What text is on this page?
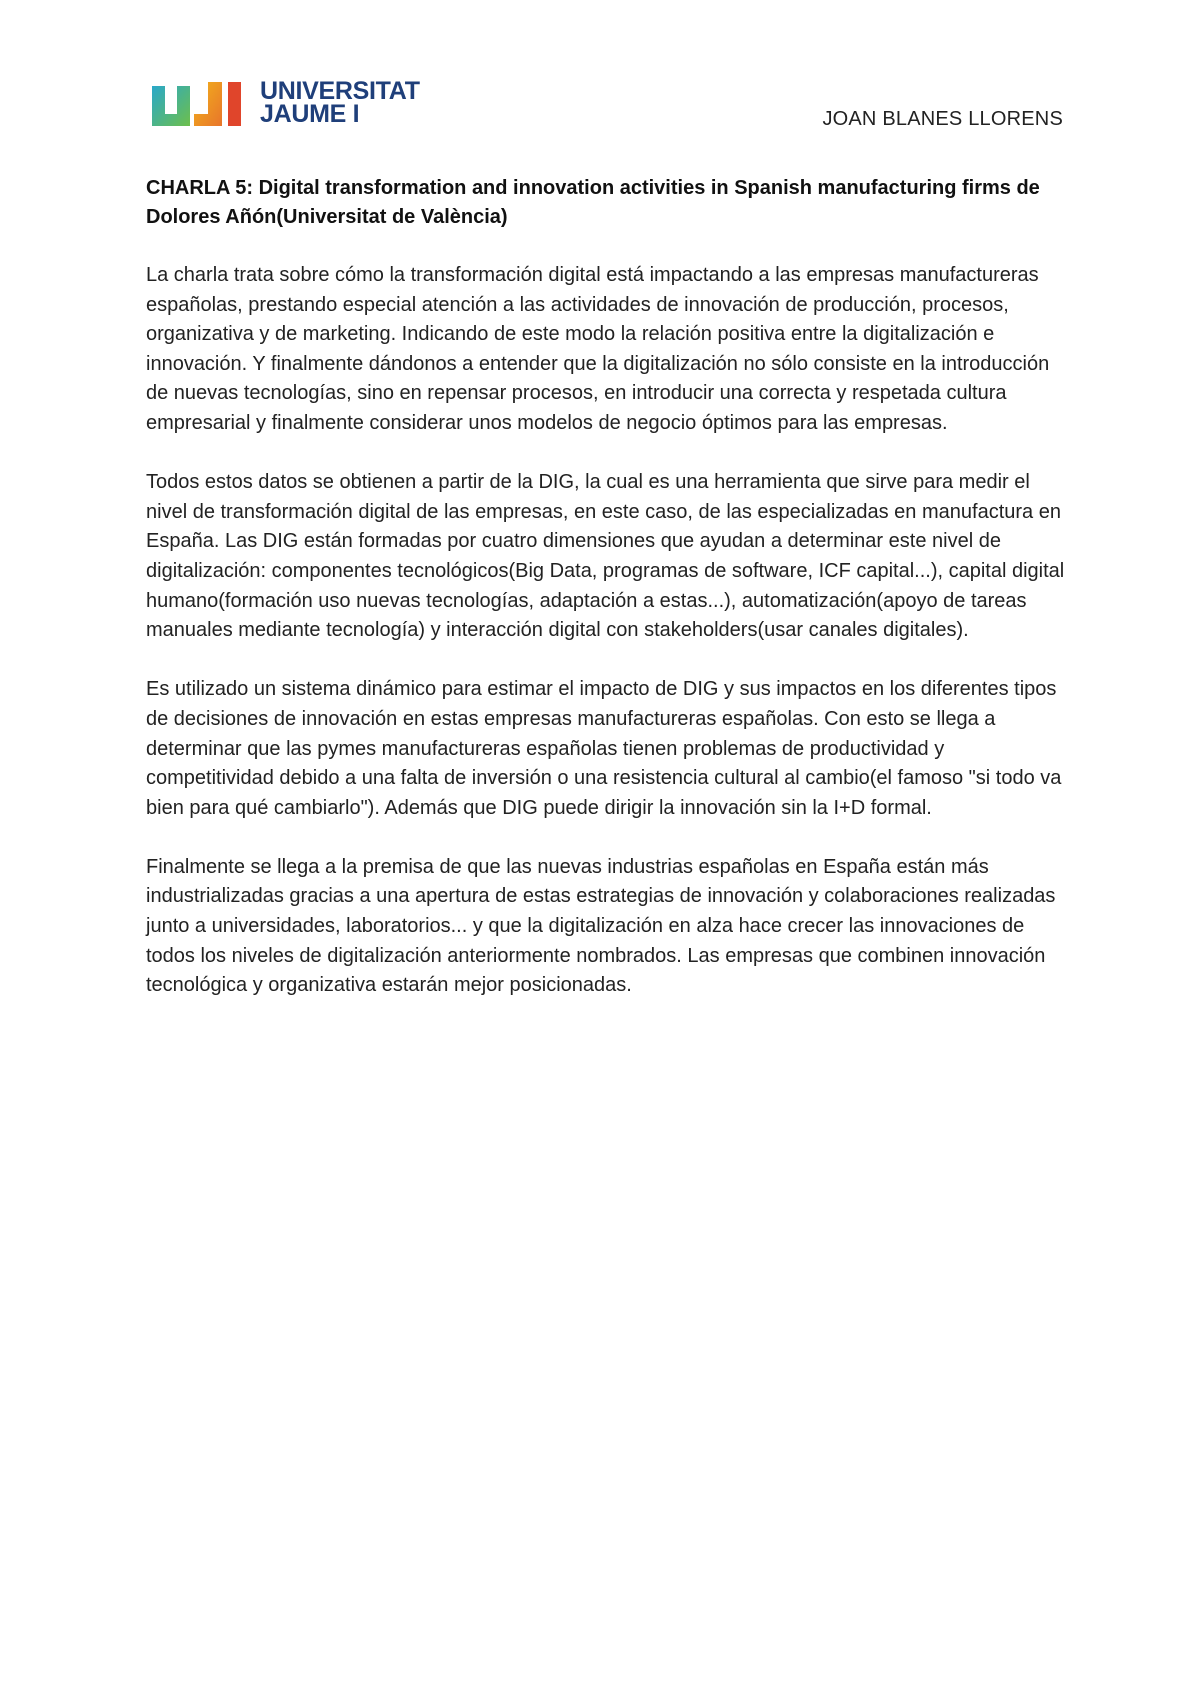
UNIVERSITAT
JAUME I	JOAN BLANES LLORENS

CHARLA 5: Digital transformation and innovation activities in Spanish manufacturing firms de Dolores Añón(Universitat de València)

La charla trata sobre cómo la transformación digital está impactando a las empresas manufactureras españolas, prestando especial atención a las actividades de innovación de producción, procesos, organizativa y de marketing. Indicando de este modo la relación positiva entre la digitalización e innovación. Y finalmente dándonos a entender que la digitalización no sólo consiste en la introducción de nuevas tecnologías, sino en repensar procesos, en introducir una correcta y respetada cultura empresarial y finalmente considerar unos modelos de negocio óptimos para las empresas.

Todos estos datos se obtienen a partir de la DIG, la cual es una herramienta que sirve para medir el nivel de transformación digital de las empresas, en este caso, de las especializadas en manufactura en España. Las DIG están formadas por cuatro dimensiones que ayudan a determinar este nivel de digitalización: componentes tecnológicos(Big Data, programas de software, ICF capital...), capital digital humano(formación uso nuevas tecnologías, adaptación a estas...), automatización(apoyo de tareas manuales mediante tecnología) y interacción digital con stakeholders(usar canales digitales).

Es utilizado un sistema dinámico para estimar el impacto de DIG y sus impactos en los diferentes tipos de decisiones de innovación en estas empresas manufactureras españolas. Con esto se llega a determinar que las pymes manufactureras españolas tienen problemas de productividad y competitividad debido a una falta de inversión o una resistencia cultural al cambio(el famoso "si todo va bien para qué cambiarlo"). Además que DIG puede dirigir la innovación sin la I+D formal.

Finalmente se llega a la premisa de que las nuevas industrias españolas en España están más industrializadas gracias a una apertura de estas estrategias de innovación y colaboraciones realizadas junto a universidades, laboratorios... y que la digitalización en alza hace crecer las innovaciones de todos los niveles de digitalización anteriormente nombrados. Las empresas que combinen innovación tecnológica y organizativa estarán mejor posicionadas.
